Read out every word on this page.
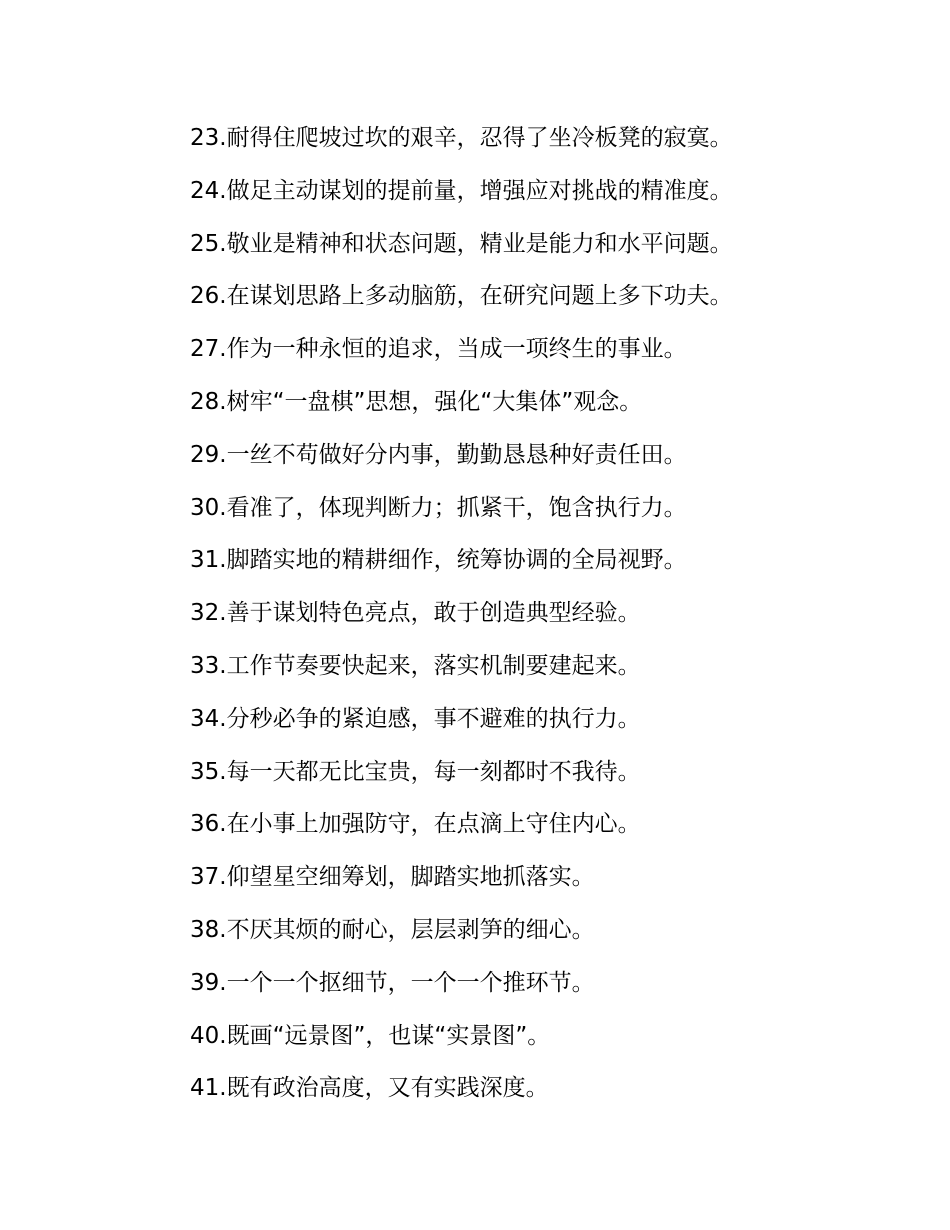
23.耐得住爬坡过坎的艰辛，忍得了坐冷板凳的寂寞。
24.做足主动谋划的提前量，增强应对挑战的精准度。
25.敬业是精神和状态问题，精业是能力和水平问题。
26.在谋划思路上多动脑筋，在研究问题上多下功夫。
27.作为一种永恒的追求，当成一项终生的事业。
28.树牢“一盘棋”思想，强化“大集体”观念。
29.一丝不苟做好分内事，勤勤恳恳种好责任田。
30.看准了，体现判断力；抓紧干，饱含执行力。
31.脚踏实地的精耕细作，统筹协调的全局视野。
32.善于谋划特色亮点，敢于创造典型经验。
33.工作节奏要快起来，落实机制要建起来。
34.分秒必争的紧迫感，事不避难的执行力。
35.每一天都无比宝贵，每一刻都时不我待。
36.在小事上加强防守，在点滴上守住内心。
37.仰望星空细筹划，脚踏实地抓落实。
38.不厌其烦的耐心，层层剥笋的细心。
39.一个一个抠细节，一个一个推环节。
40.既画“远景图”，也谋“实景图”。
41.既有政治高度，又有实践深度。
